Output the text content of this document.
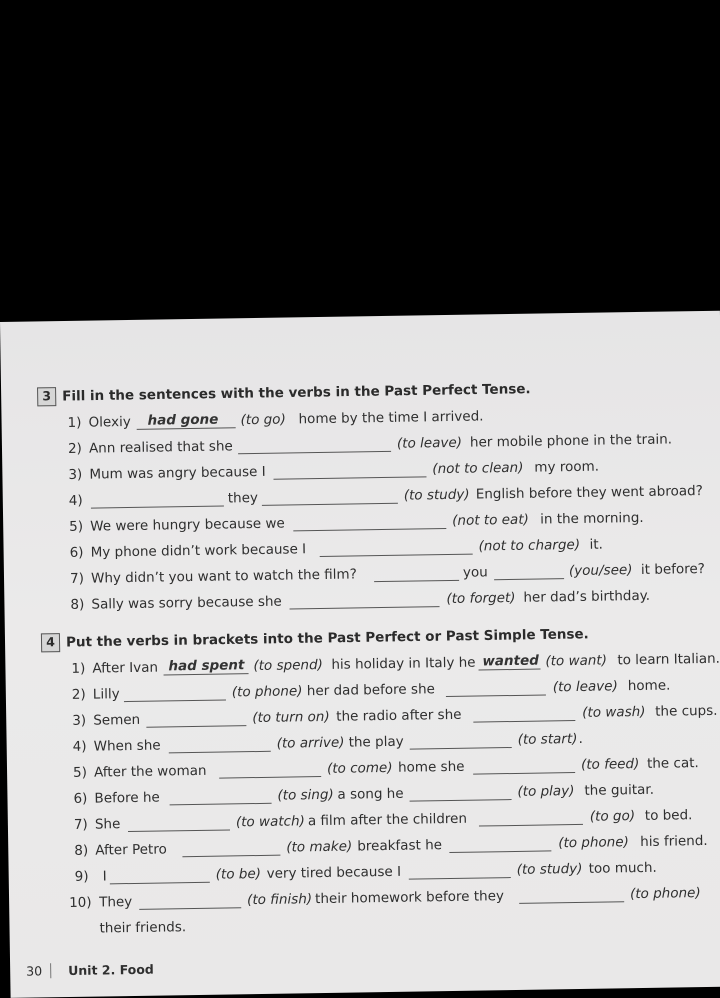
3 Fill in the sentences with the verbs in the Past Perfect Tense.
1) Olexiy had gone (to go) home by the time I arrived.
2) Ann realised that she	(to leave) her mobile phone in the train.
3) Mum was angry because I	(not to clean) my room.
4)	they	(to study) English before they went abroad?
5) We were hungry because we	(not to eat) in the morning.
6) My phone didn’t work because I	(not to charge) it.
7) Why didn’t you want to watch the film?	you	(you/see) it before?
8) Sally was sorry because she	(to forget) her dad’s birthday.
4 Put the verbs in brackets into the Past Perfect or Past Simple Tense.
1) After Ivan had spent (to spend) his holiday in Italy he wanted (to want) to learn Italian.
2) Lilly	(to phone) her dad before she	(to leave) home.
3) Semen	(to turn on) the radio after she	(to wash) the cups.
4) When she	(to arrive) the play	(to start) .
5) After the woman	(to come) home she	(to feed) the cat.
6) Before he	(to sing) a song he	(to play) the guitar.
7) She	(to watch) a film after the children	(to go) to bed.
8) After Petro	(to make) breakfast he	(to phone) his friend.
9) I	(to be) very tired because I	(to study) too much.
10) They	(to finish) their homework before they	(to phone)
their friends.
30	Unit 2. Food
